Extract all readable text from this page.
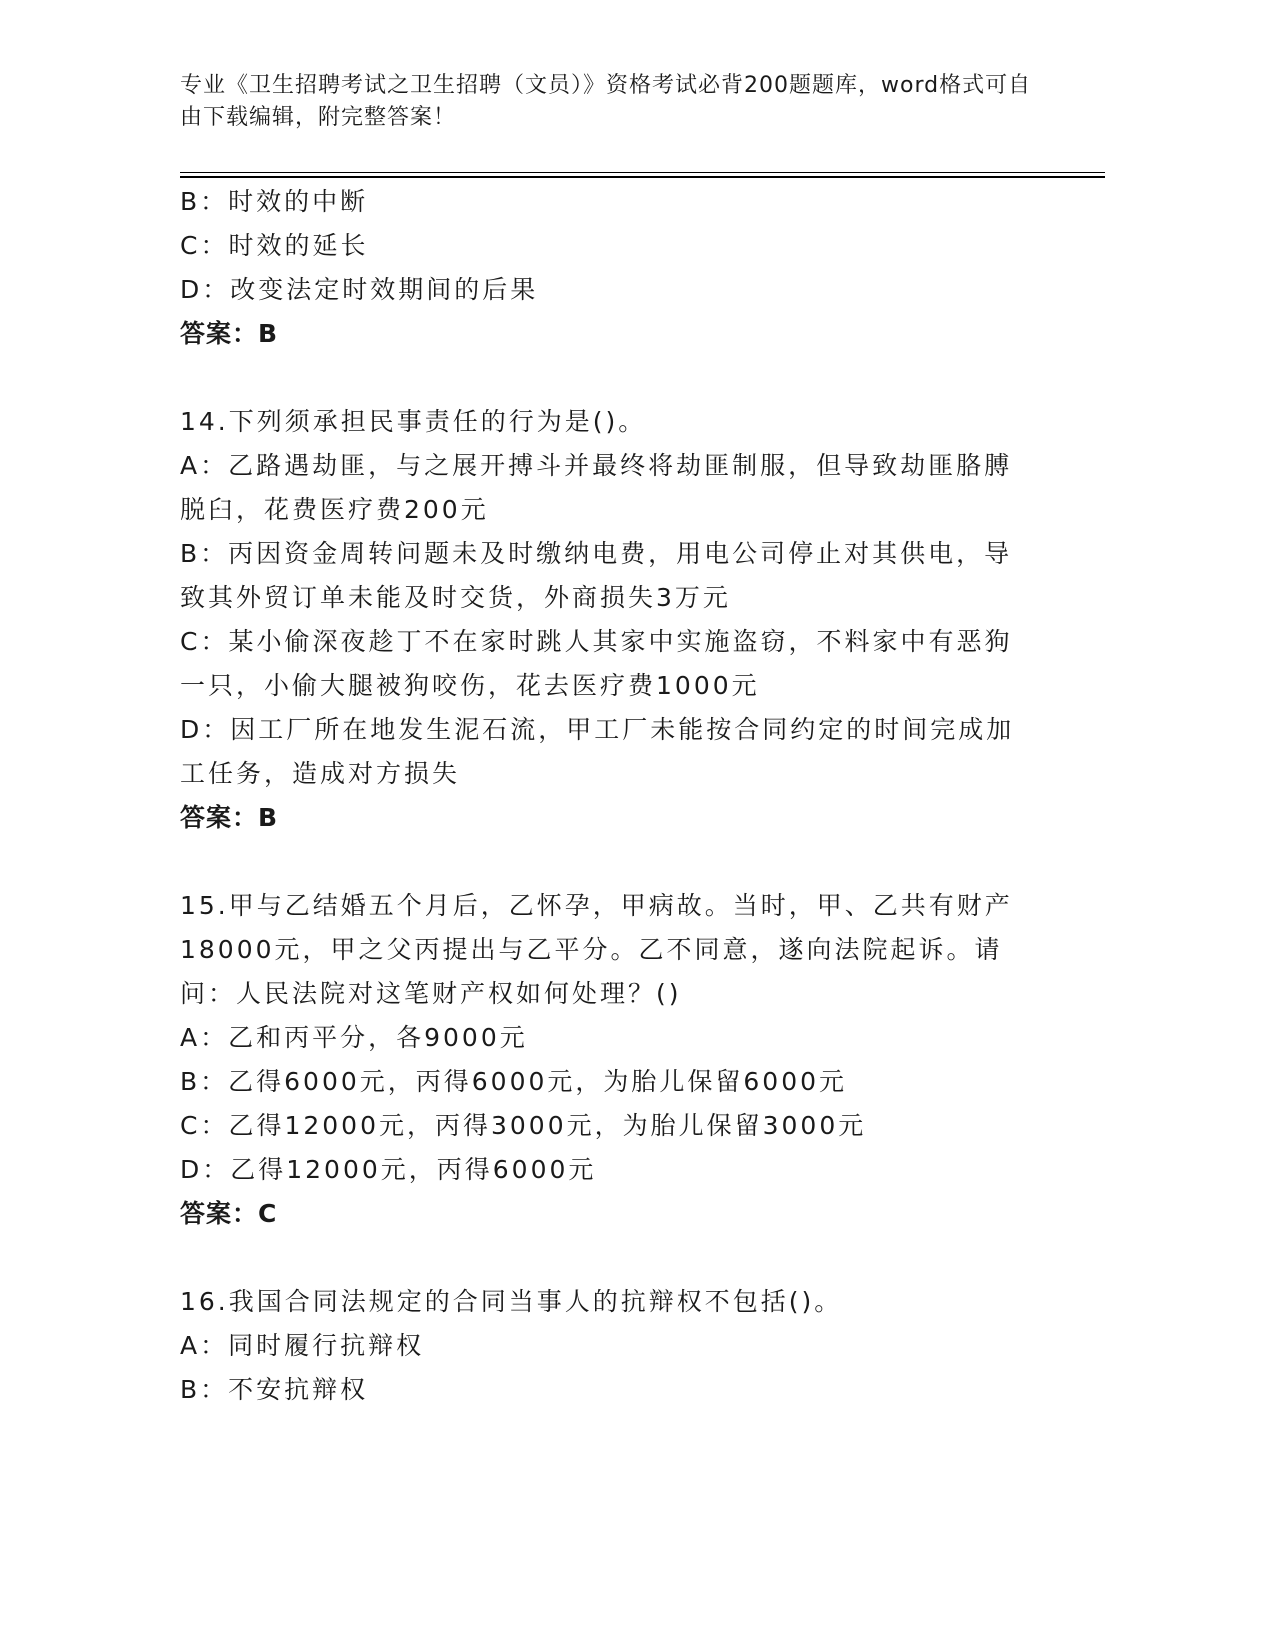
专业《卫生招聘考试之卫生招聘（文员）》资格考试必背200题题库，word格式可自由下载编辑，附完整答案！

B：时效的中断

C：时效的延长

D：改变法定时效期间的后果

答案：B

14.下列须承担民事责任的行为是()。

A：乙路遇劫匪，与之展开搏斗并最终将劫匪制服，但导致劫匪胳膊脱臼，花费医疗费200元

B：丙因资金周转问题未及时缴纳电费，用电公司停止对其供电，导致其外贸订单未能及时交货，外商损失3万元

C：某小偷深夜趁丁不在家时跳人其家中实施盗窃，不料家中有恶狗一只，小偷大腿被狗咬伤，花去医疗费1000元

D：因工厂所在地发生泥石流，甲工厂未能按合同约定的时间完成加工任务，造成对方损失

答案：B

15.甲与乙结婚五个月后，乙怀孕，甲病故。当时，甲、乙共有财产18000元，甲之父丙提出与乙平分。乙不同意，遂向法院起诉。请问：人民法院对这笔财产权如何处理？()

A：乙和丙平分，各9000元

B：乙得6000元，丙得6000元，为胎儿保留6000元

C：乙得12000元，丙得3000元，为胎儿保留3000元

D：乙得12000元，丙得6000元

答案：C

16.我国合同法规定的合同当事人的抗辩权不包括()。

A：同时履行抗辩权

B：不安抗辩权
